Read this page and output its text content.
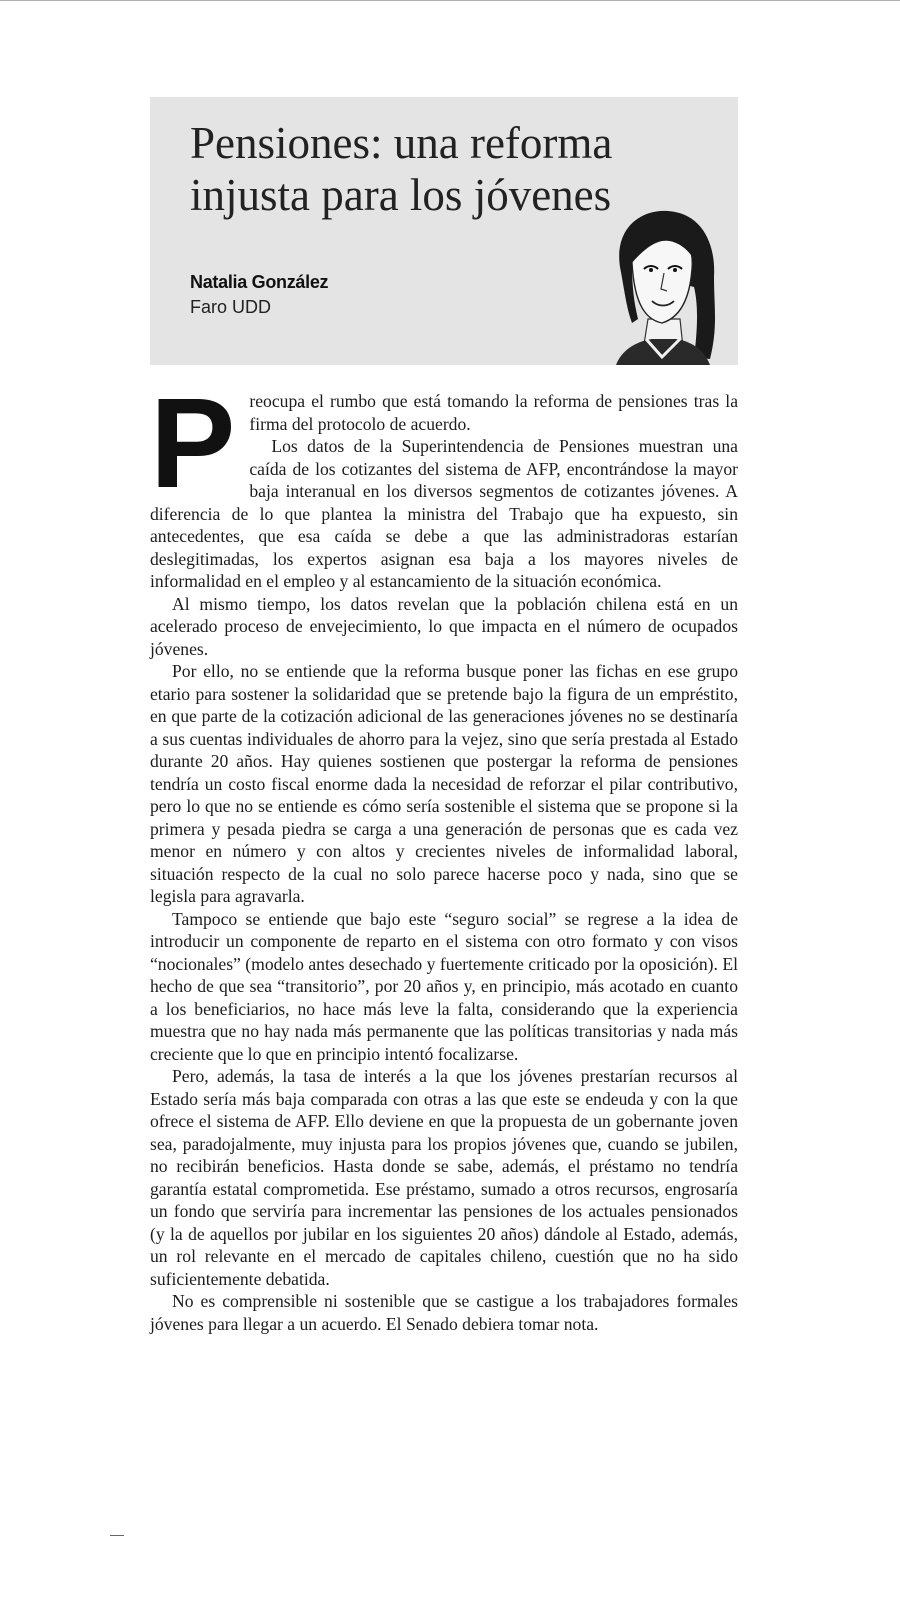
Pensiones: una reforma
injusta para los jóvenes
Natalia González
Faro UDD

Preocupa el rumbo que está tomando la reforma de pensiones tras la firma del protocolo de acuerdo.

Los datos de la Superintendencia de Pensiones muestran una caída de los cotizantes del sistema de AFP, encontrándose la mayor baja interanual en los diversos segmentos de cotizantes jóvenes. A diferencia de lo que plantea la ministra del Trabajo que ha expuesto, sin antecedentes, que esa caída se debe a que las administradoras estarían deslegitimadas, los expertos asignan esa baja a los mayores niveles de informalidad en el empleo y al estancamiento de la situación económica.

Al mismo tiempo, los datos revelan que la población chilena está en un acelerado proceso de envejecimiento, lo que impacta en el número de ocupados jóvenes.

Por ello, no se entiende que la reforma busque poner las fichas en ese grupo etario para sostener la solidaridad que se pretende bajo la figura de un empréstito, en que parte de la cotización adicional de las generaciones jóvenes no se destinaría a sus cuentas individuales de ahorro para la vejez, sino que sería prestada al Estado durante 20 años. Hay quienes sostienen que postergar la reforma de pensiones tendría un costo fiscal enorme dada la necesidad de reforzar el pilar contributivo, pero lo que no se entiende es cómo sería sostenible el sistema que se propone si la primera y pesada piedra se carga a una generación de personas que es cada vez menor en número y con altos y crecientes niveles de informalidad laboral, situación respecto de la cual no solo parece hacerse poco y nada, sino que se legisla para agravarla.

Tampoco se entiende que bajo este “seguro social” se regrese a la idea de introducir un componente de reparto en el sistema con otro formato y con visos “nocionales” (modelo antes desechado y fuertemente criticado por la oposición). El hecho de que sea “transitorio”, por 20 años y, en principio, más acotado en cuanto a los beneficiarios, no hace más leve la falta, considerando que la experiencia muestra que no hay nada más permanente que las políticas transitorias y nada más creciente que lo que en principio intentó focalizarse.

Pero, además, la tasa de interés a la que los jóvenes prestarían recursos al Estado sería más baja comparada con otras a las que este se endeuda y con la que ofrece el sistema de AFP. Ello deviene en que la propuesta de un gobernante joven sea, paradojalmente, muy injusta para los propios jóvenes que, cuando se jubilen, no recibirán beneficios. Hasta donde se sabe, además, el préstamo no tendría garantía estatal comprometida. Ese préstamo, sumado a otros recursos, engrosaría un fondo que serviría para incrementar las pensiones de los actuales pensionados (y la de aquellos por jubilar en los siguientes 20 años) dándole al Estado, además, un rol relevante en el mercado de capitales chileno, cuestión que no ha sido suficientemente debatida.

No es comprensible ni sostenible que se castigue a los trabajadores formales jóvenes para llegar a un acuerdo. El Senado debiera tomar nota.
